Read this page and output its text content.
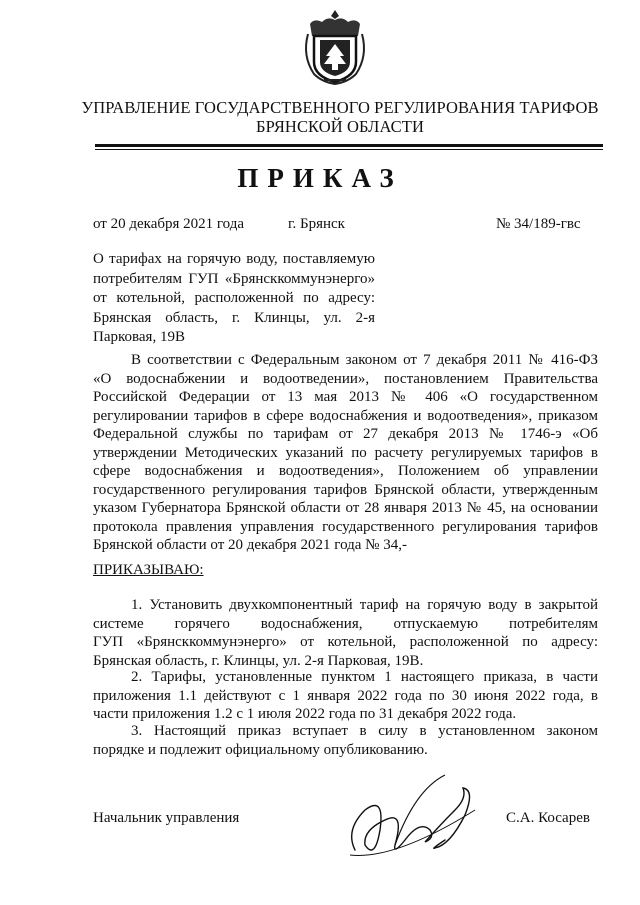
УПРАВЛЕНИЕ ГОСУДАРСТВЕННОГО РЕГУЛИРОВАНИЯ ТАРИФОВ
БРЯНСКОЙ ОБЛАСТИ
ПРИКАЗ
от 20 декабря 2021 года	г. Брянск	№ 34/189-гвс
О тарифах на горячую воду, поставляемую
потребителям ГУП «Брянсккоммунэнерго»
от котельной, расположенной по адресу:
Брянская область, г. Клинцы, ул. 2-я
Парковая, 19В
В соответствии с Федеральным законом от 7 декабря 2011 № 416-ФЗ
«О водоснабжении и водоотведении», постановлением Правительства
Российской Федерации от 13 мая 2013 № 406 «О государственном
регулировании тарифов в сфере водоснабжения и водоотведения», приказом
Федеральной службы по тарифам от 27 декабря 2013 № 1746-э «Об
утверждении Методических указаний по расчету регулируемых тарифов в
сфере водоснабжения и водоотведения», Положением об управлении
государственного регулирования тарифов Брянской области, утвержденным
указом Губернатора Брянской области от 28 января 2013 № 45, на основании
протокола правления управления государственного регулирования тарифов
Брянской области от 20 декабря 2021 года № 34,-
ПРИКАЗЫВАЮ:
1. Установить двухкомпонентный тариф на горячую воду в закрытой
системе горячего водоснабжения, отпускаемую потребителям
ГУП «Брянсккоммунэнерго» от котельной, расположенной по адресу:
Брянская область, г. Клинцы, ул. 2-я Парковая, 19В.
2. Тарифы, установленные пунктом 1 настоящего приказа, в части
приложения 1.1 действуют с 1 января 2022 года по 30 июня 2022 года, в
части приложения 1.2 с 1 июля 2022 года по 31 декабря 2022 года.
3. Настоящий приказ вступает в силу в установленном законом
порядке и подлежит официальному опубликованию.
Начальник управления	С.А. Косарев
